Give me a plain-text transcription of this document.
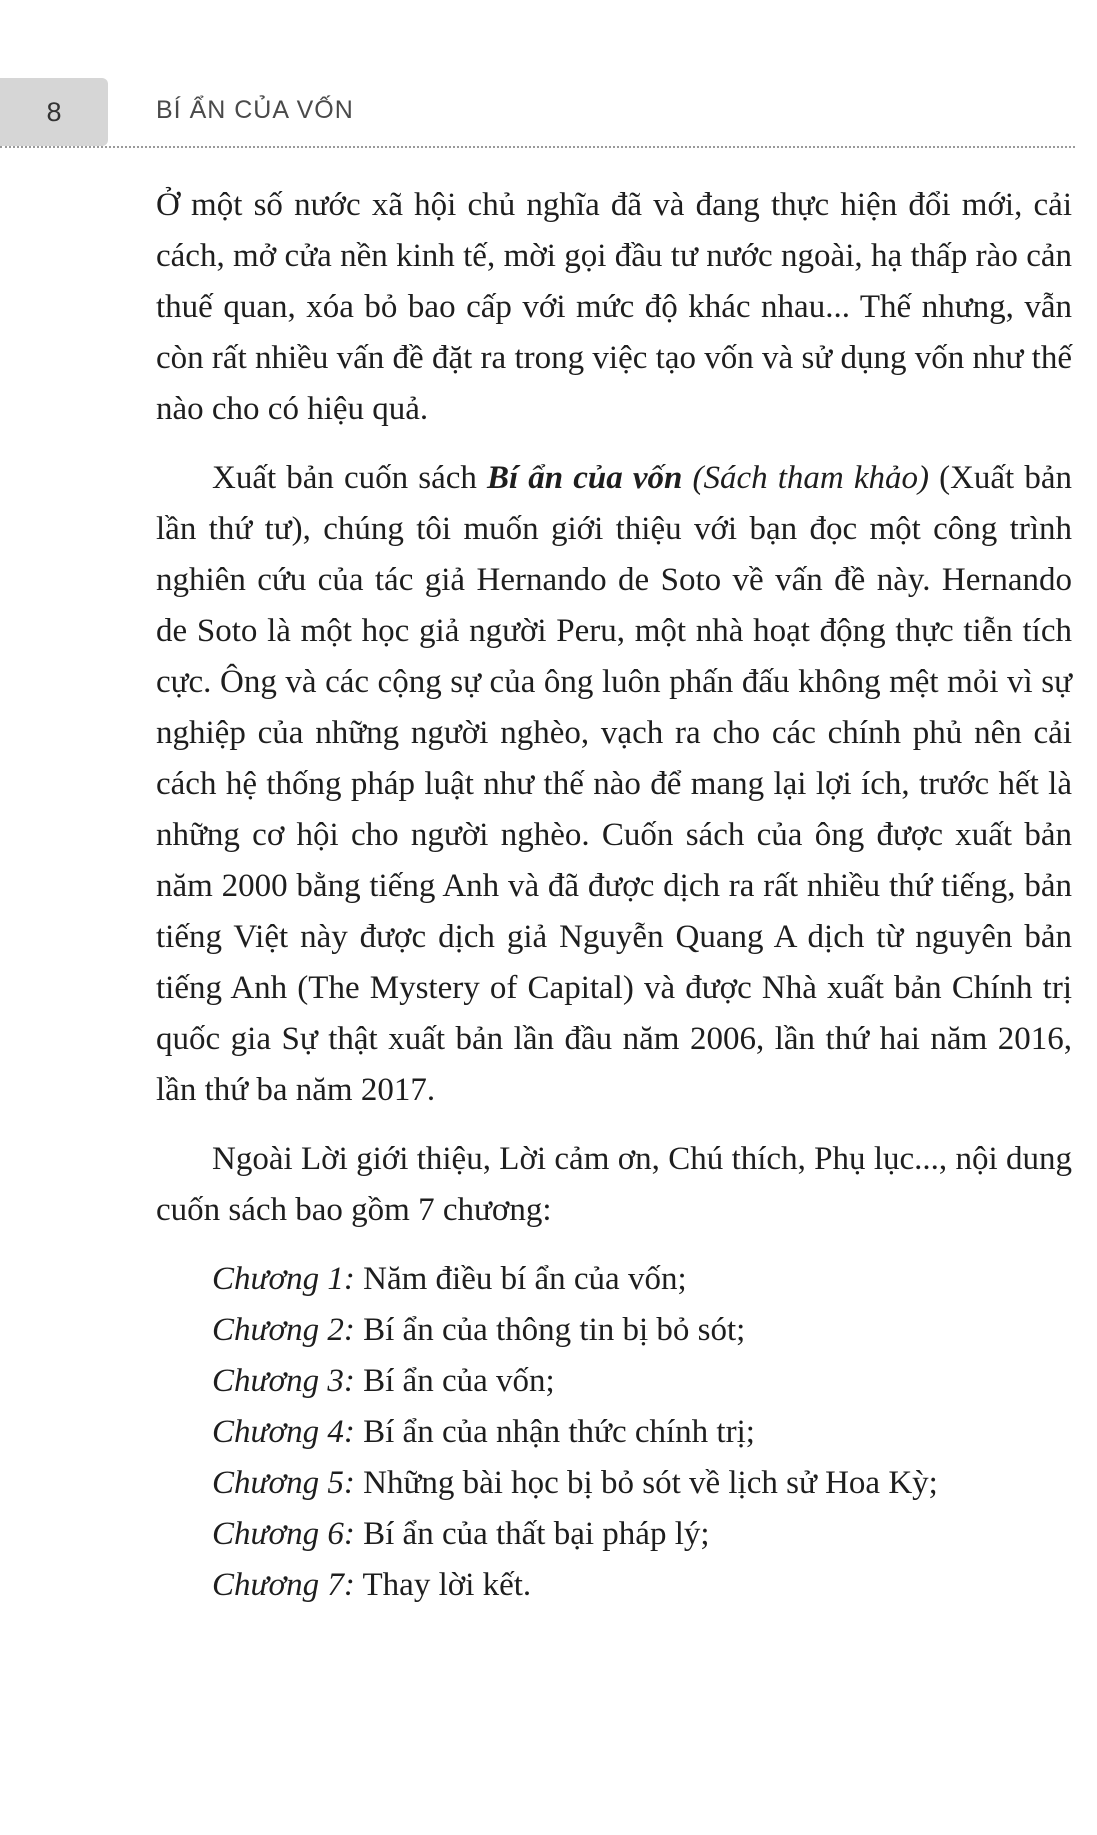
8	BÍ ẨN CỦA VỐN

Ở một số nước xã hội chủ nghĩa đã và đang thực hiện đổi mới, cải cách, mở cửa nền kinh tế, mời gọi đầu tư nước ngoài, hạ thấp rào cản thuế quan, xóa bỏ bao cấp với mức độ khác nhau... Thế nhưng, vẫn còn rất nhiều vấn đề đặt ra trong việc tạo vốn và sử dụng vốn như thế nào cho có hiệu quả.

Xuất bản cuốn sách Bí ẩn của vốn (Sách tham khảo) (Xuất bản lần thứ tư), chúng tôi muốn giới thiệu với bạn đọc một công trình nghiên cứu của tác giả Hernando de Soto về vấn đề này. Hernando de Soto là một học giả người Peru, một nhà hoạt động thực tiễn tích cực. Ông và các cộng sự của ông luôn phấn đấu không mệt mỏi vì sự nghiệp của những người nghèo, vạch ra cho các chính phủ nên cải cách hệ thống pháp luật như thế nào để mang lại lợi ích, trước hết là những cơ hội cho người nghèo. Cuốn sách của ông được xuất bản năm 2000 bằng tiếng Anh và đã được dịch ra rất nhiều thứ tiếng, bản tiếng Việt này được dịch giả Nguyễn Quang A dịch từ nguyên bản tiếng Anh (The Mystery of Capital) và được Nhà xuất bản Chính trị quốc gia Sự thật xuất bản lần đầu năm 2006, lần thứ hai năm 2016, lần thứ ba năm 2017.

Ngoài Lời giới thiệu, Lời cảm ơn, Chú thích, Phụ lục..., nội dung cuốn sách bao gồm 7 chương:

Chương 1: Năm điều bí ẩn của vốn;

Chương 2: Bí ẩn của thông tin bị bỏ sót;

Chương 3: Bí ẩn của vốn;

Chương 4: Bí ẩn của nhận thức chính trị;

Chương 5: Những bài học bị bỏ sót về lịch sử Hoa Kỳ;

Chương 6: Bí ẩn của thất bại pháp lý;

Chương 7: Thay lời kết.
